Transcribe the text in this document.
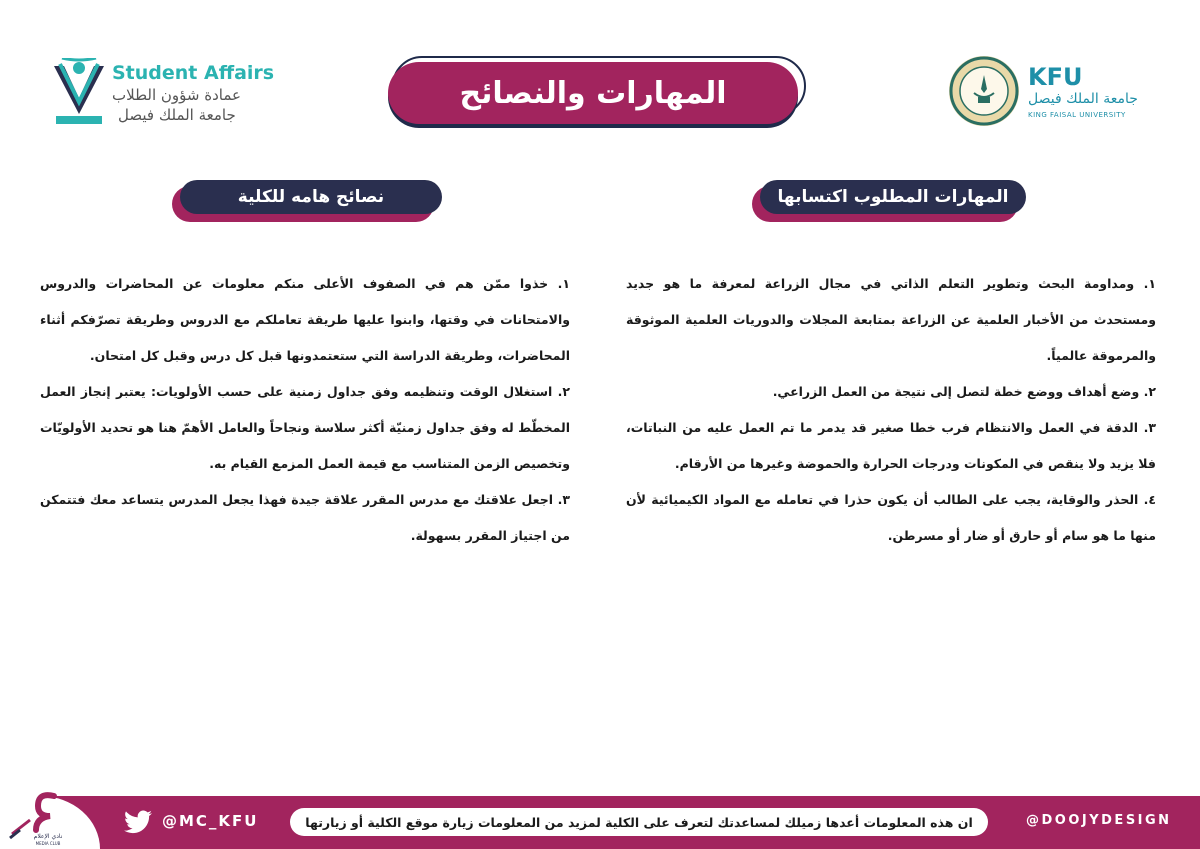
Student Affairs
عمادة شؤون الطلاب
جامعة الملك فيصل
المهارات والنصائح	KFU
جامعة الملك فيصل
KING FAISAL UNIVERSITY
المهارات المطلوب اكتسابها
نصائح هامه للكلية

١. ومداومة البحث وتطوير التعلم الذاتي في مجال الزراعة لمعرفة ما هو جديد ومستحدث من الأخبار العلمية عن الزراعة بمتابعة المجلات والدوريات العلمية الموثوقة والمرموقة عالمياً.

٢. وضع أهداف ووضع خطة لتصل إلى نتيجة من العمل الزراعي.

٣. الدقة في العمل والانتظام فرب خطا صغير قد يدمر ما تم العمل عليه من النباتات، فلا يزيد ولا ينقص في المكونات ودرجات الحرارة والحموضة وغيرها من الأرقام.

٤. الحذر والوقاية، يجب على الطالب أن يكون حذرا في تعامله مع المواد الكيميائية لأن منها ما هو سام أو حارق أو ضار أو مسرطن.

١. خذوا ممّن هم في الصفوف الأعلى منكم معلومات عن المحاضرات والدروس والامتحانات في وقتها، وابنوا عليها طريقة تعاملكم مع الدروس وطريقة تصرّفكم أثناء المحاضرات، وطريقة الدراسة التي ستعتمدونها قبل كل درس وقبل كل امتحان.

٢. استغلال الوقت وتنظيمه وفق جداول زمنية على حسب الأولويات: يعتبر إنجاز العمل المخطّط له وفق جداول زمنيّة أكثر سلاسة ونجاحاً والعامل الأهمّ هنا هو تحديد الأولويّات وتخصيص الزمن المتناسب مع قيمة العمل المزمع القيام به.

٣. اجعل علاقتك مع مدرس المقرر علاقة جيدة فهذا يجعل المدرس يتساعد معك فتتمكن من اجتياز المقرر بسهولة.

نادي الإعلام
MEDIA CLUB
@MC_KFU	ان هذه المعلومات أعدها زميلك لمساعدتك لتعرف على الكلية لمزيد من المعلومات زيارة موقع الكلية أو زيارتها	@DOOJYDESIGN
